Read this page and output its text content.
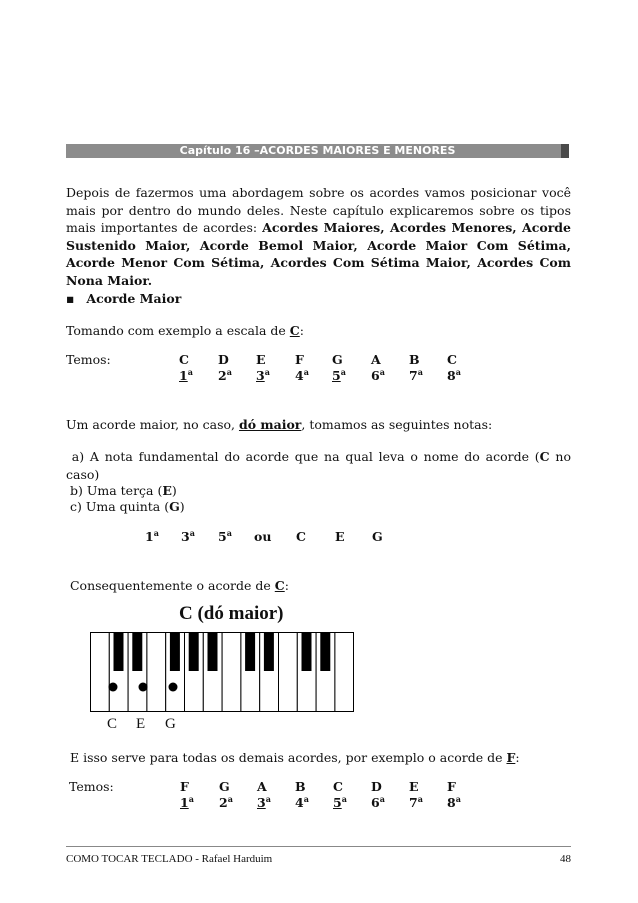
Capítulo 16 –ACORDES MAIORES E MENORES
Depois de fazermos uma abordagem sobre os acordes vamos posicionar você mais por dentro do mundo deles. Neste capítulo explicaremos sobre os tipos mais importantes de acordes: Acordes Maiores, Acordes Menores, Acorde Sustenido Maior, Acorde Bemol Maior, Acorde Maior Com Sétima, Acorde Menor Com Sétima, Acordes Com Sétima Maior, Acordes Com Nona Maior.
▪ Acorde Maior
Tomando com exemplo a escala de C:
Temos:	C D E F G A B C
1$^a$ 2$^a$ 3$^a$ 4$^a$ 5$^a$ 6$^a$ 7$^a$ 8$^a$
Um acorde maior, no caso, dó maior, tomamos as seguintes notas:
a) A nota fundamental do acorde que na qual leva o nome do acorde (C no caso)
b) Uma terça (E)
c) Uma quinta (G)
1$^a$ 3$^a$ 5$^a$ ou C E G
Consequentemente o acorde de C:
C (dó maior)
C E G
E isso serve para todas os demais acordes, por exemplo o acorde de F:
Temos:	F G A B C D E F
1$^a$ 2$^a$ 3$^a$ 4$^a$ 5$^a$ 6$^a$ 7$^a$ 8$^a$
COMO TOCAR TECLADO - Rafael Harduim	48
